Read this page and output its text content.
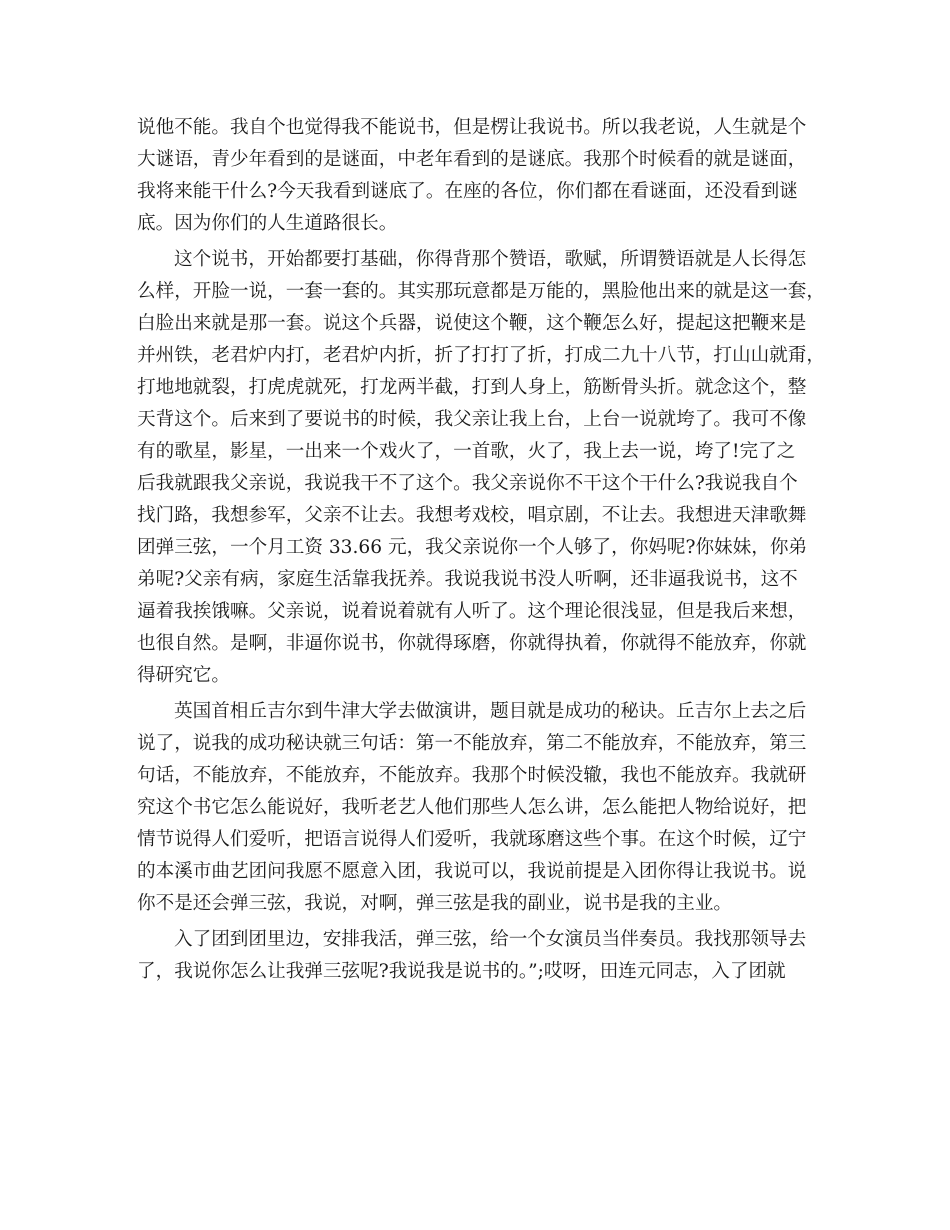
说他不能。我自个也觉得我不能说书，但是楞让我说书。所以我老说，人生就是个
大谜语，青少年看到的是谜面，中老年看到的是谜底。我那个时候看的就是谜面，
我将来能干什么?今天我看到谜底了。在座的各位，你们都在看谜面，还没看到谜
底。因为你们的人生道路很长。
这个说书，开始都要打基础，你得背那个赞语，歌赋，所谓赞语就是人长得怎
么样，开脸一说，一套一套的。其实那玩意都是万能的，黑脸他出来的就是这一套，
白脸出来就是那一套。说这个兵器，说使这个鞭，这个鞭怎么好，提起这把鞭来是
并州铁，老君炉内打，老君炉内折，折了打打了折，打成二九十八节，打山山就甭，
打地地就裂，打虎虎就死，打龙两半截，打到人身上，筋断骨头折。就念这个，整
天背这个。后来到了要说书的时候，我父亲让我上台，上台一说就垮了。我可不像
有的歌星，影星，一出来一个戏火了，一首歌，火了，我上去一说，垮了!完了之
后我就跟我父亲说，我说我干不了这个。我父亲说你不干这个干什么?我说我自个
找门路，我想参军，父亲不让去。我想考戏校，唱京剧，不让去。我想进天津歌舞
团弹三弦，一个月工资 33.66 元，我父亲说你一个人够了，你妈呢?你妹妹，你弟
弟呢?父亲有病，家庭生活靠我抚养。我说我说书没人听啊，还非逼我说书，这不
逼着我挨饿嘛。父亲说，说着说着就有人听了。这个理论很浅显，但是我后来想，
也很自然。是啊，非逼你说书，你就得琢磨，你就得执着，你就得不能放弃，你就
得研究它。
英国首相丘吉尔到牛津大学去做演讲，题目就是成功的秘诀。丘吉尔上去之后
说了，说我的成功秘诀就三句话：第一不能放弃，第二不能放弃，不能放弃，第三
句话，不能放弃，不能放弃，不能放弃。我那个时候没辙，我也不能放弃。我就研
究这个书它怎么能说好，我听老艺人他们那些人怎么讲，怎么能把人物给说好，把
情节说得人们爱听，把语言说得人们爱听，我就琢磨这些个事。在这个时候，辽宁
的本溪市曲艺团问我愿不愿意入团，我说可以，我说前提是入团你得让我说书。说
你不是还会弹三弦，我说，对啊，弹三弦是我的副业，说书是我的主业。
入了团到团里边，安排我活，弹三弦，给一个女演员当伴奏员。我找那领导去
了，我说你怎么让我弹三弦呢?我说我是说书的。”;哎呀，田连元同志，入了团就
